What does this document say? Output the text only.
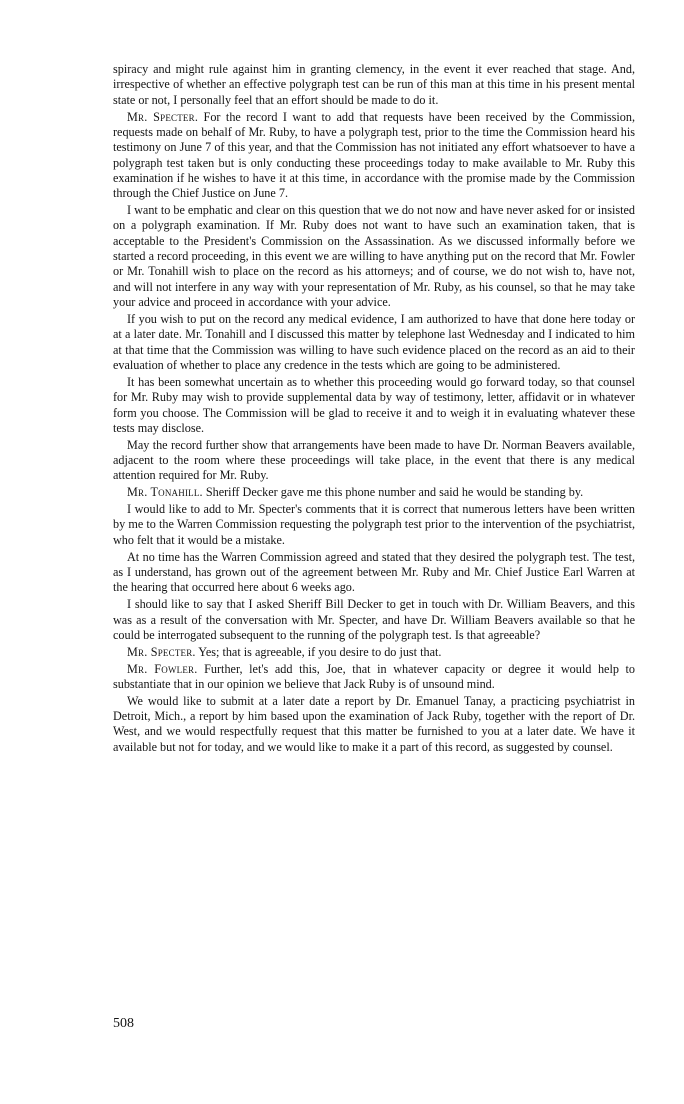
spiracy and might rule against him in granting clemency, in the event it ever reached that stage. And, irrespective of whether an effective polygraph test can be run of this man at this time in his present mental state or not, I personally feel that an effort should be made to do it.

Mr. Specter. For the record I want to add that requests have been received by the Commission, requests made on behalf of Mr. Ruby, to have a polygraph test, prior to the time the Commission heard his testimony on June 7 of this year, and that the Commission has not initiated any effort whatsoever to have a polygraph test taken but is only conducting these proceedings today to make available to Mr. Ruby this examination if he wishes to have it at this time, in accordance with the promise made by the Commission through the Chief Justice on June 7.

I want to be emphatic and clear on this question that we do not now and have never asked for or insisted on a polygraph examination. If Mr. Ruby does not want to have such an examination taken, that is acceptable to the President's Commission on the Assassination. As we discussed informally before we started a record proceeding, in this event we are willing to have anything put on the record that Mr. Fowler or Mr. Tonahill wish to place on the record as his attorneys; and of course, we do not wish to, have not, and will not interfere in any way with your representation of Mr. Ruby, as his counsel, so that he may take your advice and proceed in accordance with your advice.

If you wish to put on the record any medical evidence, I am authorized to have that done here today or at a later date. Mr. Tonahill and I discussed this matter by telephone last Wednesday and I indicated to him at that time that the Commission was willing to have such evidence placed on the record as an aid to their evaluation of whether to place any credence in the tests which are going to be administered.

It has been somewhat uncertain as to whether this proceeding would go forward today, so that counsel for Mr. Ruby may wish to provide supplemental data by way of testimony, letter, affidavit or in whatever form you choose. The Commission will be glad to receive it and to weigh it in evaluating whatever these tests may disclose.

May the record further show that arrangements have been made to have Dr. Norman Beavers available, adjacent to the room where these proceedings will take place, in the event that there is any medical attention required for Mr. Ruby.

Mr. Tonahill. Sheriff Decker gave me this phone number and said he would be standing by.

I would like to add to Mr. Specter's comments that it is correct that numerous letters have been written by me to the Warren Commission requesting the polygraph test prior to the intervention of the psychiatrist, who felt that it would be a mistake.

At no time has the Warren Commission agreed and stated that they desired the polygraph test. The test, as I understand, has grown out of the agreement between Mr. Ruby and Mr. Chief Justice Earl Warren at the hearing that occurred here about 6 weeks ago.

I should like to say that I asked Sheriff Bill Decker to get in touch with Dr. William Beavers, and this was as a result of the conversation with Mr. Specter, and have Dr. William Beavers available so that he could be interrogated subsequent to the running of the polygraph test. Is that agreeable?

Mr. Specter. Yes; that is agreeable, if you desire to do just that.

Mr. Fowler. Further, let's add this, Joe, that in whatever capacity or degree it would help to substantiate that in our opinion we believe that Jack Ruby is of unsound mind.

We would like to submit at a later date a report by Dr. Emanuel Tanay, a practicing psychiatrist in Detroit, Mich., a report by him based upon the examination of Jack Ruby, together with the report of Dr. West, and we would respectfully request that this matter be furnished to you at a later date. We have it available but not for today, and we would like to make it a part of this record, as suggested by counsel.

508
